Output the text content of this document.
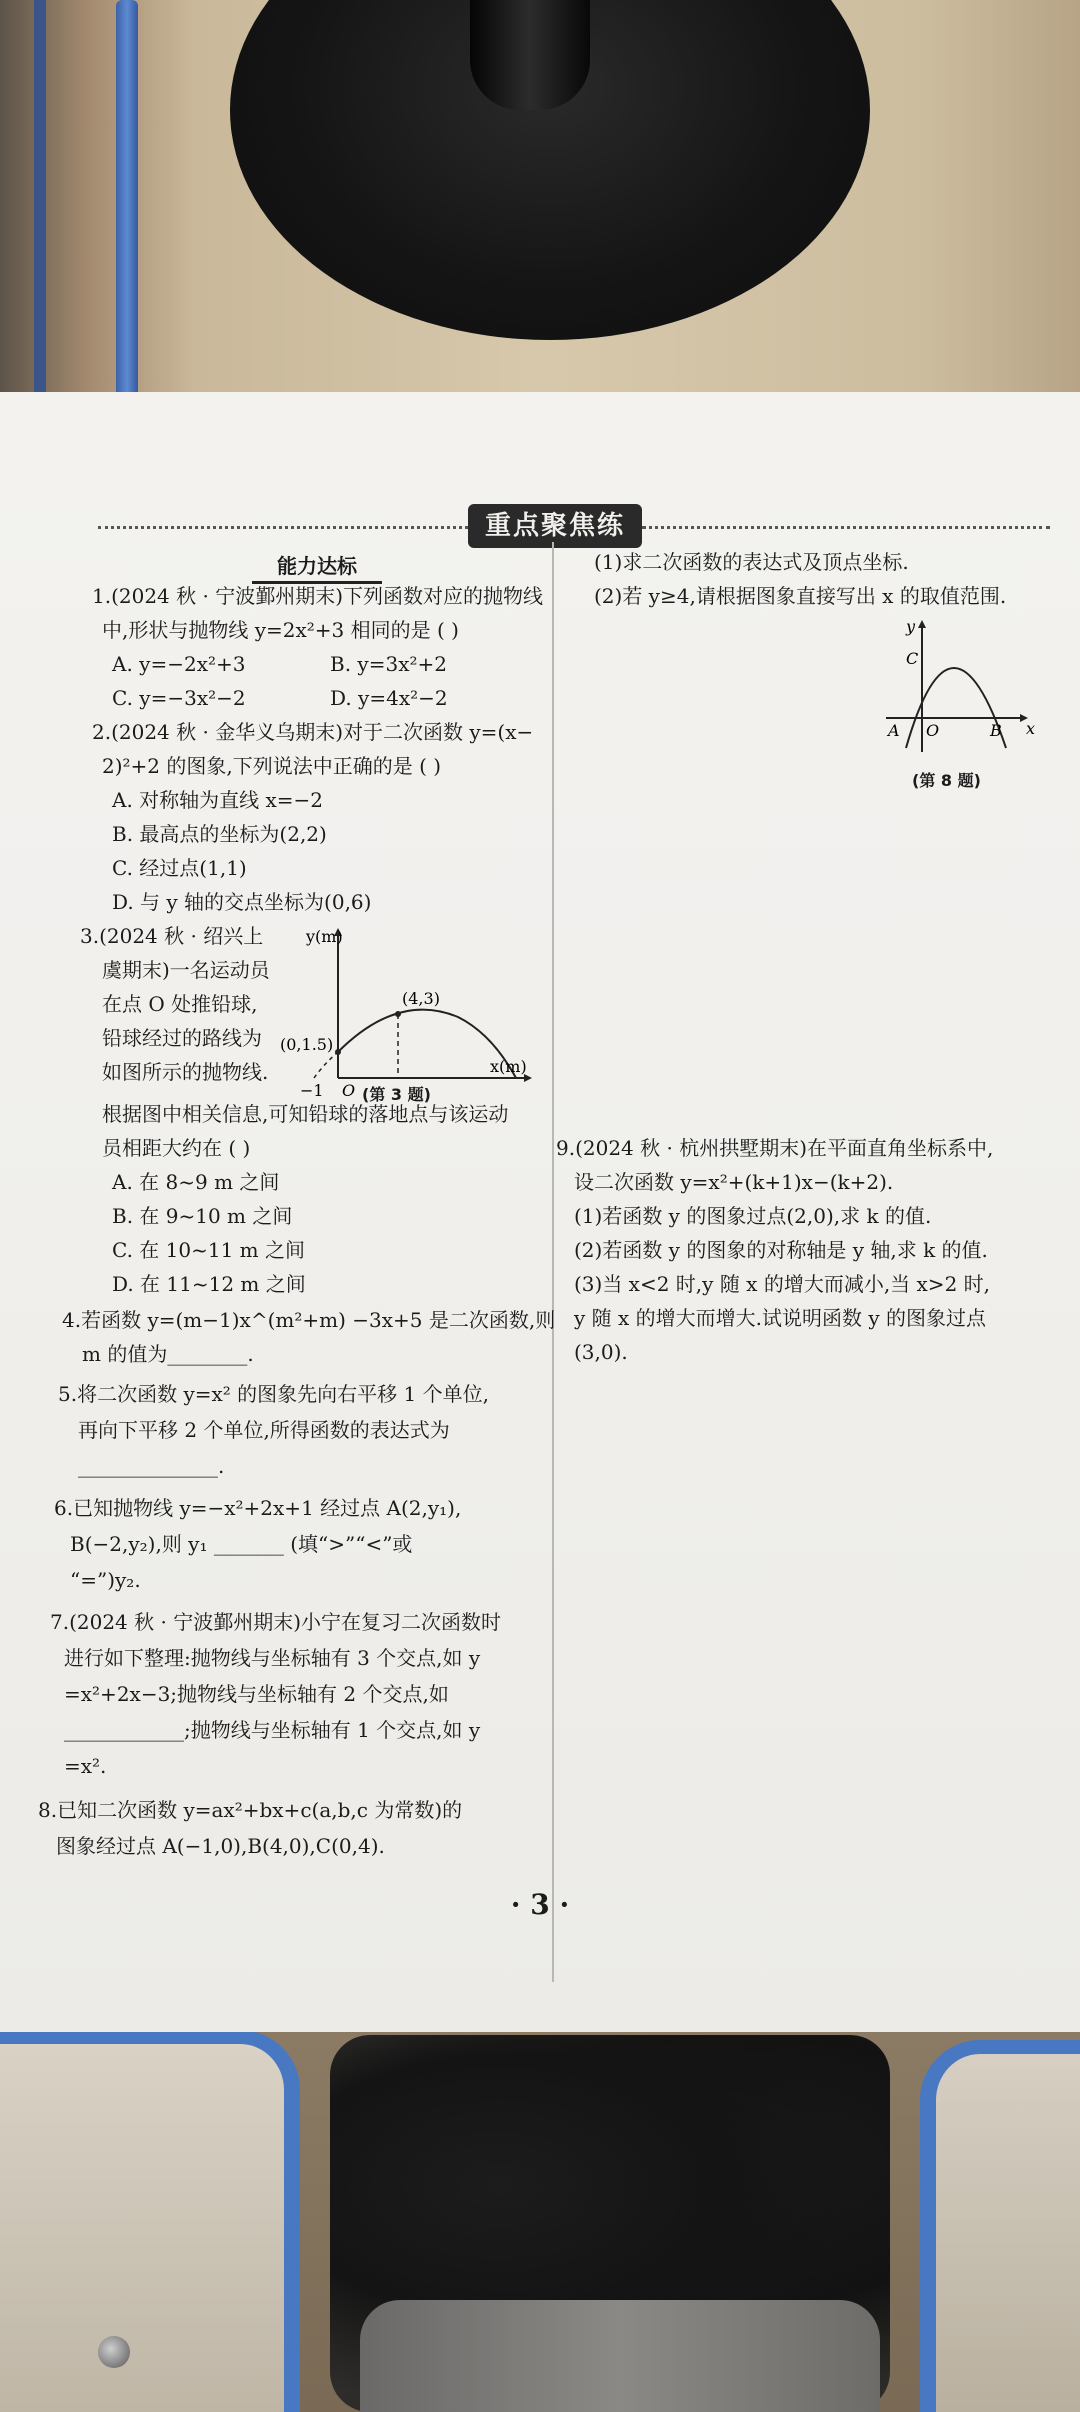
重点聚焦练
能力达标
1.(2024 秋 · 宁波鄞州期末)下列函数对应的抛物线
中,形状与抛物线 y=2x²+3 相同的是 ( )
A. y=−2x²+3	B. y=3x²+2
C. y=−3x²−2	D. y=4x²−2
2.(2024 秋 · 金华义乌期末)对于二次函数 y=(x−
2)²+2 的图象,下列说法中正确的是 ( )
A. 对称轴为直线 x=−2
B. 最高点的坐标为(2,2)
C. 经过点(1,1)
D. 与 y 轴的交点坐标为(0,6)
3.(2024 秋 · 绍兴上
虞期末)一名运动员
在点 O 处推铅球,
铅球经过的路线为
如图所示的抛物线.
y(m)
x(m)
(0,1.5)
(4,3)
−1 O (第 3 题)
根据图中相关信息,可知铅球的落地点与该运动
员相距大约在 ( )
A. 在 8~9 m 之间
B. 在 9~10 m 之间
C. 在 10~11 m 之间
D. 在 11~12 m 之间
4.若函数 y=(m−1)x^(m²+m) −3x+5 是二次函数,则
m 的值为________.
5.将二次函数 y=x² 的图象先向右平移 1 个单位,
再向下平移 2 个单位,所得函数的表达式为
______________.
6.已知抛物线 y=−x²+2x+1 经过点 A(2,y₁),
B(−2,y₂),则 y₁ _______ (填“>”“<”或
“=”)y₂.
7.(2024 秋 · 宁波鄞州期末)小宁在复习二次函数时
进行如下整理:抛物线与坐标轴有 3 个交点,如 y
=x²+2x−3;抛物线与坐标轴有 2 个交点,如
____________;抛物线与坐标轴有 1 个交点,如 y
=x².
8.已知二次函数 y=ax²+bx+c(a,b,c 为常数)的
图象经过点 A(−1,0),B(4,0),C(0,4).
(1)求二次函数的表达式及顶点坐标.
(2)若 y≥4,请根据图象直接写出 x 的取值范围.
y
x
C
A O	B
(第 8 题)
9.(2024 秋 · 杭州拱墅期末)在平面直角坐标系中,
设二次函数 y=x²+(k+1)x−(k+2).
(1)若函数 y 的图象过点(2,0),求 k 的值.
(2)若函数 y 的图象的对称轴是 y 轴,求 k 的值.
(3)当 x<2 时,y 随 x 的增大而减小,当 x>2 时,
y 随 x 的增大而增大.试说明函数 y 的图象过点
(3,0).
· 3 ·
